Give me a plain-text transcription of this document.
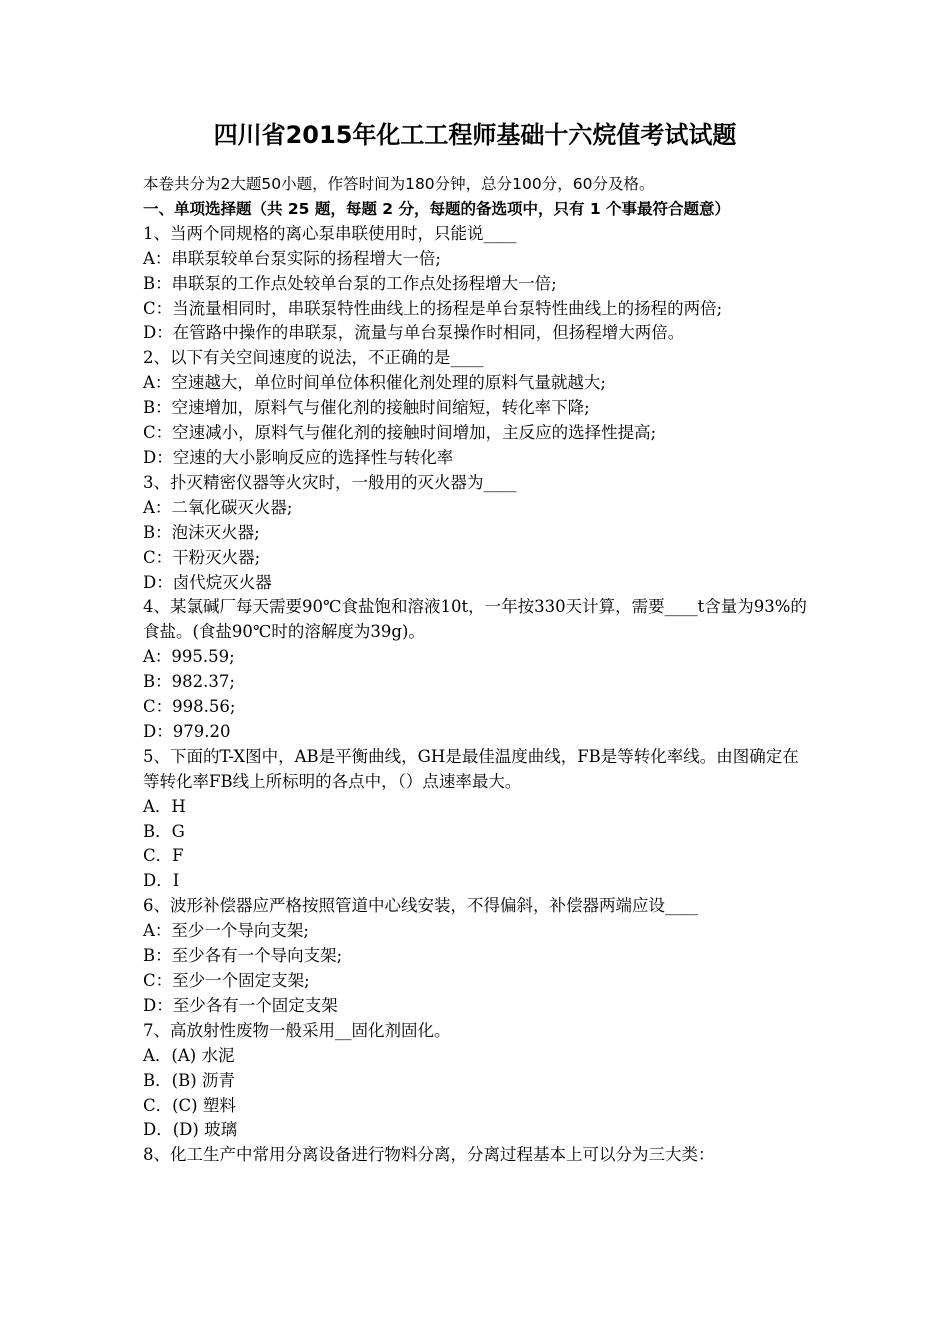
四川省2015年化工工程师基础十六烷值考试试题
本卷共分为2大题50小题，作答时间为180分钟，总分100分，60分及格。
一、单项选择题（共 25 题，每题 2 分，每题的备选项中，只有 1 个事最符合题意）
1、当两个同规格的离心泵串联使用时，只能说____
A：串联泵较单台泵实际的扬程增大一倍;
B：串联泵的工作点处较单台泵的工作点处扬程增大一倍;
C：当流量相同时，串联泵特性曲线上的扬程是单台泵特性曲线上的扬程的两倍;
D：在管路中操作的串联泵，流量与单台泵操作时相同，但扬程增大两倍。
2、以下有关空间速度的说法，不正确的是____
A：空速越大，单位时间单位体积催化剂处理的原料气量就越大;
B：空速增加，原料气与催化剂的接触时间缩短，转化率下降;
C：空速减小，原料气与催化剂的接触时间增加，主反应的选择性提高;
D：空速的大小影响反应的选择性与转化率
3、扑灭精密仪器等火灾时，一般用的灭火器为____
A：二氧化碳灭火器;
B：泡沫灭火器;
C：干粉灭火器;
D：卤代烷灭火器
4、某氯碱厂每天需要90℃食盐饱和溶液10t，一年按330天计算，需要____t含量为93%的食盐。(食盐90℃时的溶解度为39g)。
A：995.59;
B：982.37;
C：998.56;
D：979.20
5、下面的T-X图中，AB是平衡曲线，GH是最佳温度曲线，FB是等转化率线。由图确定在等转化率FB线上所标明的各点中，（）点速率最大。
A．H
B．G
C．F
D．I
6、波形补偿器应严格按照管道中心线安装，不得偏斜，补偿器两端应设____
A：至少一个导向支架;
B：至少各有一个导向支架;
C：至少一个固定支架;
D：至少各有一个固定支架
7、高放射性废物一般采用__固化剂固化。
A．(A) 水泥
B．(B) 沥青
C．(C) 塑料
D．(D) 玻璃
8、化工生产中常用分离设备进行物料分离，分离过程基本上可以分为三大类：
